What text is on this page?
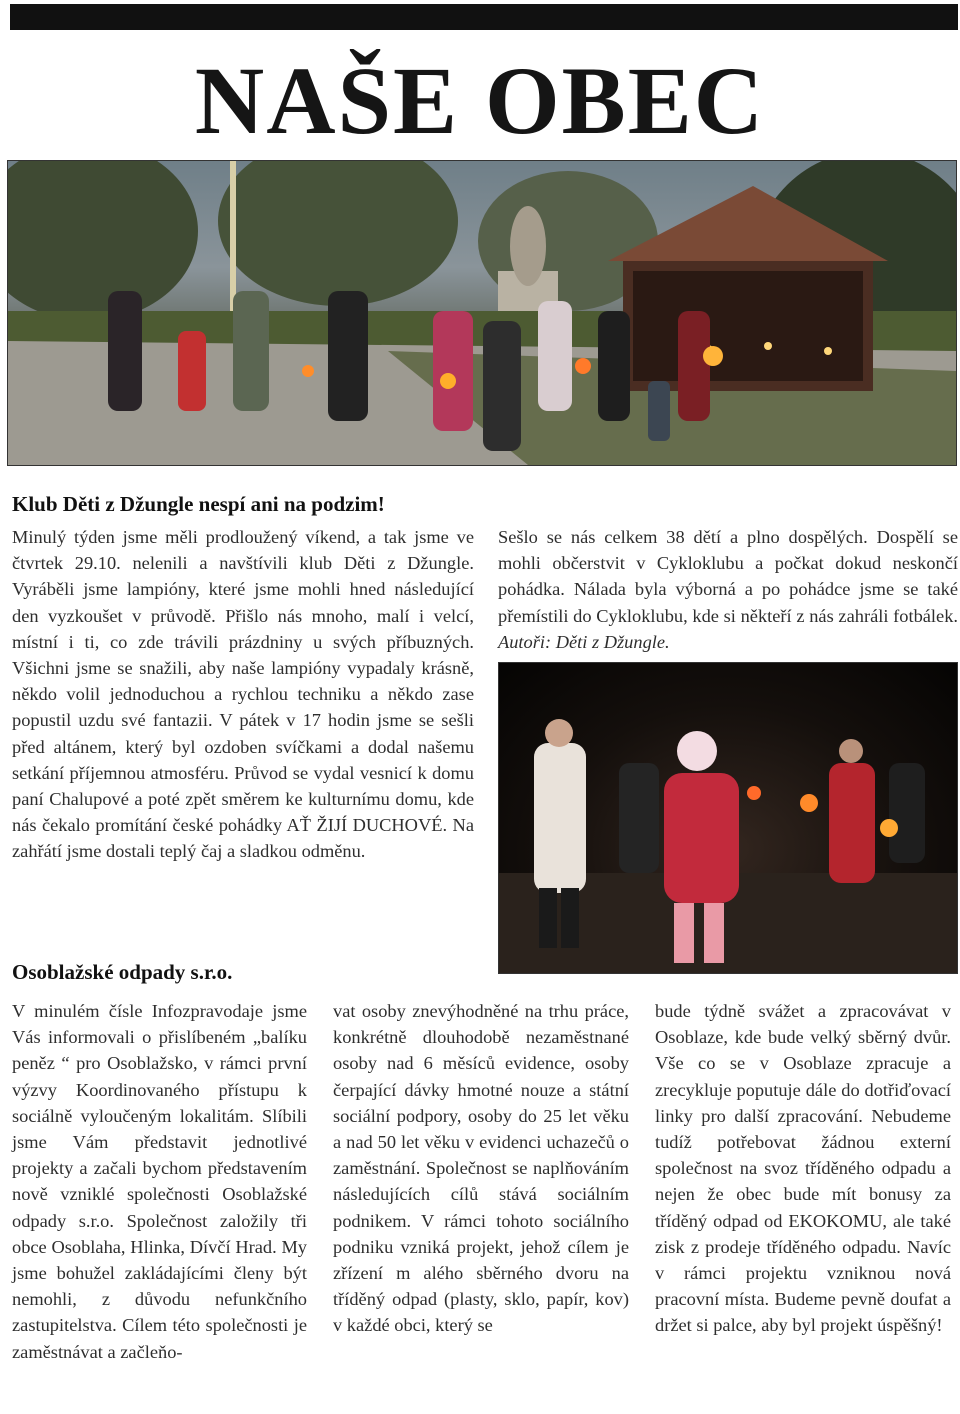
NAŠE OBEC
Klub Děti z Džungle nespí ani na podzim!

Minulý týden jsme měli prodloužený víkend, a tak jsme ve čtvrtek 29.10. nelenili a navštívili klub Děti z Džungle. Vyráběli jsme lampióny, které jsme mohli hned následující den vyzkoušet v průvodě. Přišlo nás mnoho, malí i velcí, místní i ti, co zde trávili prázdniny u svých příbuzných. Všichni jsme se snažili, aby naše lampióny vypadaly krásně, někdo volil jednoduchou a rychlou techniku a někdo zase popustil uzdu své fantazii. V pátek v 17 hodin jsme se sešli před altánem, který byl ozdoben svíčkami a dodal našemu setkání příjemnou atmosféru. Průvod se vydal vesnicí k domu paní Chalupové a poté zpět směrem ke kulturnímu domu, kde nás čekalo promítání české pohádky AŤ ŽIJÍ DUCHOVÉ. Na zahřátí jsme dostali teplý čaj a sladkou odměnu.

Sešlo se nás celkem 38 dětí a plno dospělých. Dospělí se mohli občerstvit v Cykloklubu a počkat dokud neskončí pohádka. Nálada byla výborná a po pohádce jsme se také přemístili do Cykloklubu, kde si někteří z nás zahráli fotbálek. Autoři: Děti z Džungle.

Osoblažské odpady s.r.o.

V minulém čísle Infozpravodaje jsme Vás informovali o přislíbeném „balíku peněz “ pro Osoblažsko, v rámci první výzvy Koordinovaného přístupu k sociálně vyloučeným lokalitám. Slíbili jsme Vám představit jednotlivé projekty a začali bychom představením nově vzniklé společnosti Osoblažské odpady s.r.o. Společnost založily tři obce Osoblaha, Hlinka, Dívčí Hrad. My jsme bohužel zakládajícími členy být nemohli, z důvodu nefunkčního zastupitelstva. Cílem této společnosti je zaměstnávat a začleňo-

vat osoby znevýhodněné na trhu práce, konkrétně dlouhodobě nezaměstnané osoby nad 6 měsíců evidence, osoby čerpající dávky hmotné nouze a státní sociální podpory, osoby do 25 let věku a nad 50 let věku v evidenci uchazečů o zaměstnání. Společnost se naplňováním následujících cílů stává sociálním podnikem. V rámci tohoto sociálního podniku vzniká projekt, jehož cílem je zřízení m alého sběrného dvoru na tříděný odpad (plasty, sklo, papír, kov) v každé obci, který se

bude týdně svážet a zpracovávat v Osoblaze, kde bude velký sběrný dvůr. Vše co se v Osoblaze zpracuje a zrecykluje poputuje dále do dotřiďovací linky pro další zpracování. Nebudeme tudíž potřebovat žádnou externí společnost na svoz tříděného odpadu a nejen že obec bude mít bonusy za tříděný odpad od EKOKOMU, ale také zisk z prodeje tříděného odpadu. Navíc v rámci projektu vzniknou nová pracovní místa. Budeme pevně doufat a držet si palce, aby byl projekt úspěšný!
